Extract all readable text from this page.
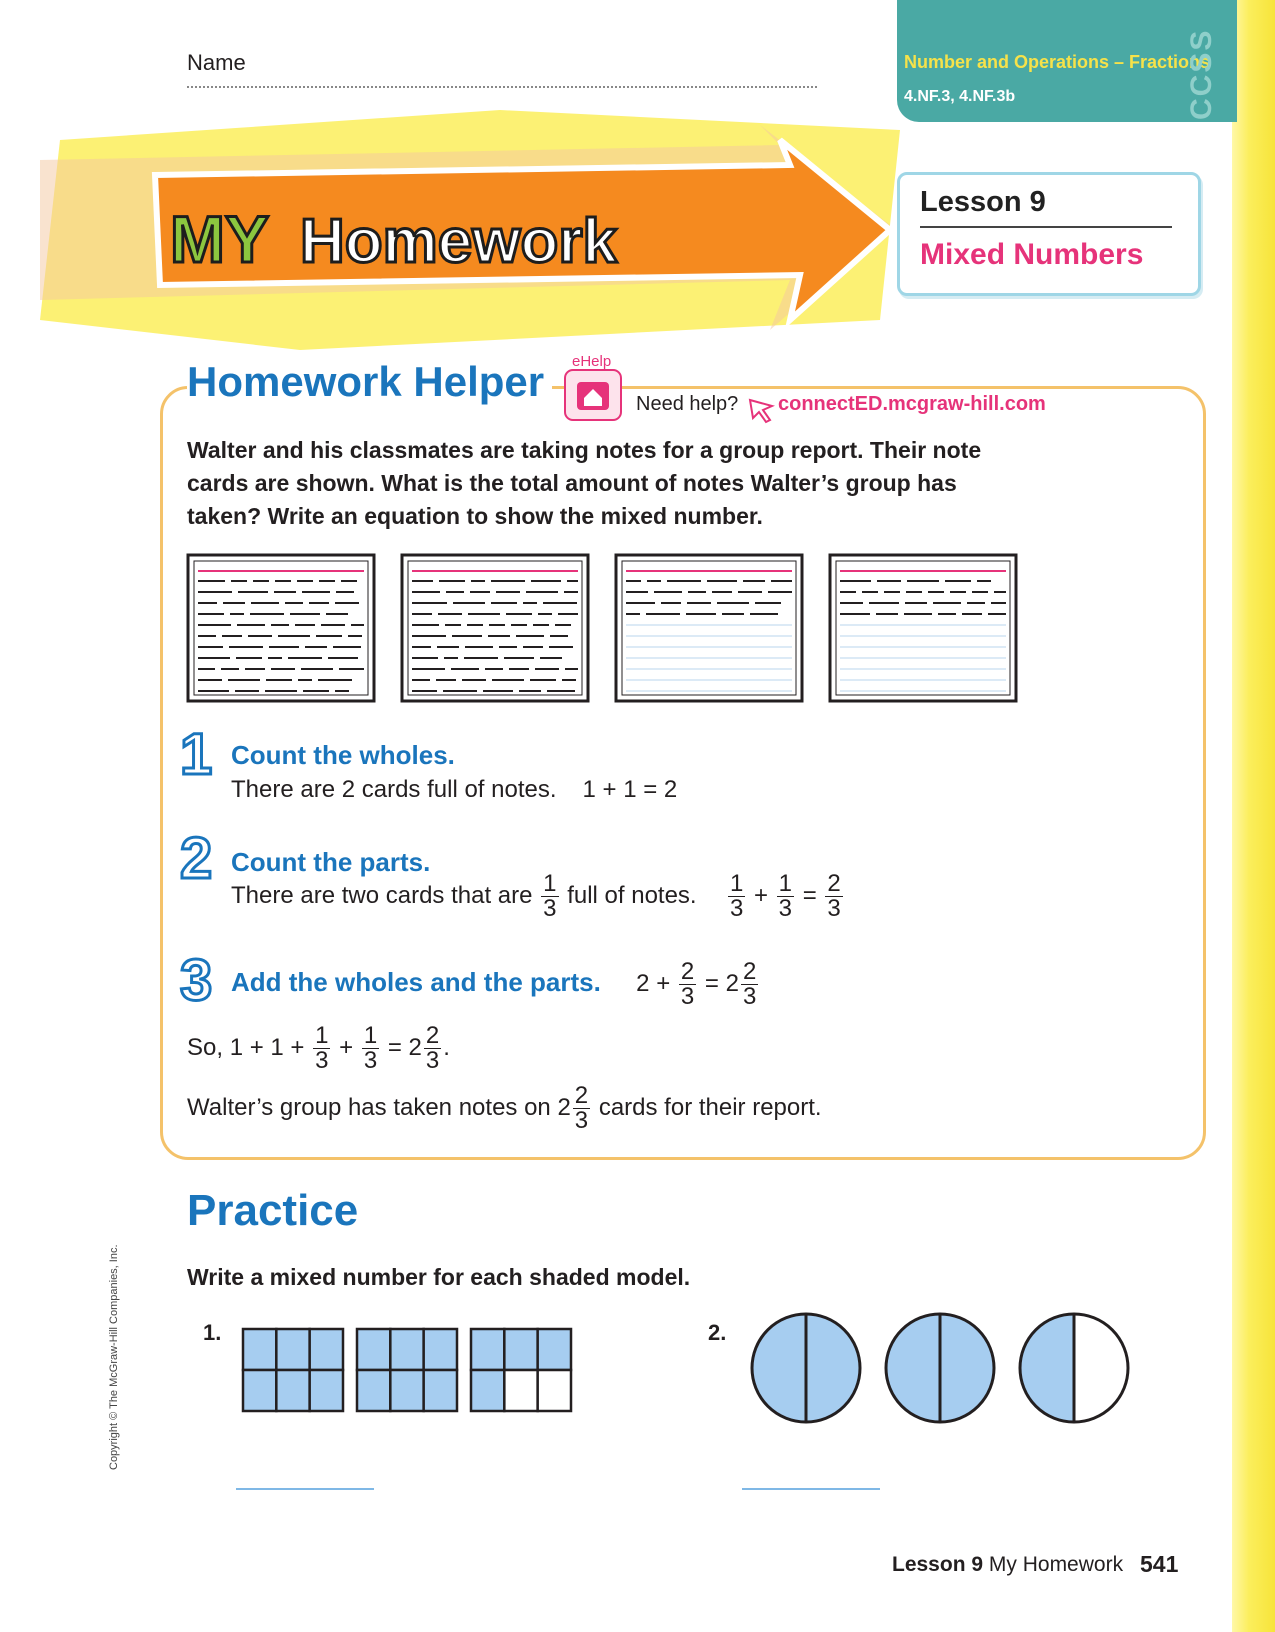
Name	Number and Operations – Fractions
4.NF.3, 4.NF.3b	CCSS
MY Homework
Lesson 9
Mixed Numbers
Homework Helper	eHelp
Need help? connectED.mcgraw-hill.com
Walter and his classmates are taking notes for a group report. Their note cards are shown. What is the total amount of notes Walter’s group has taken? Write an equation to show the mixed number.
1 Count the wholes.
There are 2 cards full of notes. 1 + 1 = 2
2 Count the parts.
There are two cards that are $\frac{1}{3}$ full of notes. $\frac{1}{3} + \frac{1}{3} = \frac{2}{3}$
3 Add the wholes and the parts. $2 + \frac{2}{3} = 2 \frac{2}{3}$
So, $1 + 1 + \frac{1}{3} + \frac{1}{3} = 2 \frac{2}{3}$ .
Walter’s group has taken notes on $2 \frac{2}{3}$ cards for their report.
Practice
Write a mixed number for each shaded model.
1.	2.
Copyright © The McGraw-Hill Companies, Inc.
Lesson 9 My Homework 541
